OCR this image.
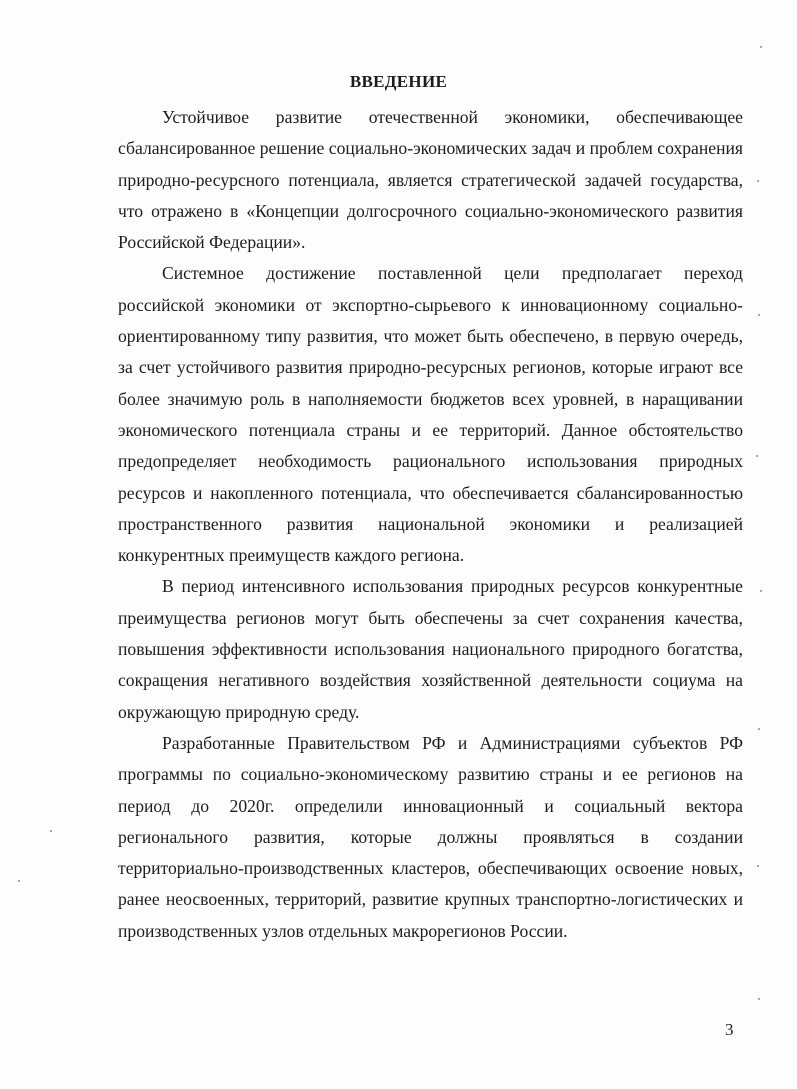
ВВЕДЕНИЕ

Устойчивое развитие отечественной экономики, обеспечивающее сбалансированное решение социально-экономических задач и проблем сохранения природно-ресурсного потенциала, является стратегической задачей государства, что отражено в «Концепции долгосрочного социально-экономического развития Российской Федерации».

Системное достижение поставленной цели предполагает переход российской экономики от экспортно-сырьевого к инновационному социально-ориентированному типу развития, что может быть обеспечено, в первую очередь, за счет устойчивого развития природно-ресурсных регионов, которые играют все более значимую роль в наполняемости бюджетов всех уровней, в наращивании экономического потенциала страны и ее территорий. Данное обстоятельство предопределяет необходимость рационального использования природных ресурсов и накопленного потенциала, что обеспечивается сбалансированностью пространственного развития национальной экономики и реализацией конкурентных преимуществ каждого региона.

В период интенсивного использования природных ресурсов конкурентные преимущества регионов могут быть обеспечены за счет сохранения качества, повышения эффективности использования национального природного богатства, сокращения негативного воздействия хозяйственной деятельности социума на окружающую природную среду.

Разработанные Правительством РФ и Администрациями субъектов РФ программы по социально-экономическому развитию страны и ее регионов на период до 2020г. определили инновационный и социальный вектора регионального развития, которые должны проявляться в создании территориально-производственных кластеров, обеспечивающих освоение новых, ранее неосвоенных, территорий, развитие крупных транспортно-логистических и производственных узлов отдельных макрорегионов России.

3
